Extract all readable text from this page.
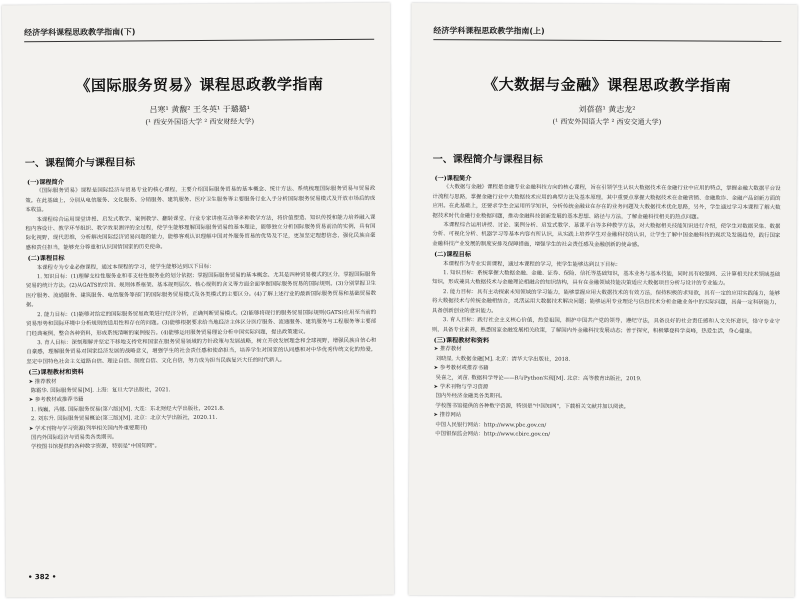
经济学科课程思政教学指南(下)
《国际服务贸易》课程思政教学指南
吕寒¹ 黄馥² 王冬英¹ 于璐璐¹
(¹ 西安外国语大学 ² 西安财经大学)
一、课程简介与课程目标
(一)课程简介

《国际服务贸易》课程是国际经济与贸易专业的核心课程，主要介绍国际服务贸易的基本概念、统计方法、系统梳理国际服务贸易与贸易政策。在此基础上，分别从电信服务、文化服务、分销服务、建筑服务、医疗卫生服务等主要服务行业入手分析国际服务贸易模式及开放市场后的成本收益。

本课程综合运用课堂讲授、启发式教学、案例教学、翻转课堂、行业专家讲座互动等多种教学方法，将价值塑造、知识传授和能力培养融入课程内容设计、教学环节组织、教学效果测评的全过程，使学生能够理解国际服务贸易的基本理论，能够独立分析国际服务贸易前沿的实例，具有国际化视野，现代思维，分析解决国际经济贸易问题的能力，能够客观认识理解中国对外服务贸易的优势及不足，更加坚定理想信念，强化民族自豪感和责任担当，能够充分尊重和认识国情国家的历史使命。

(二)课程目标

本课程专为专业必修课程，通过本课程的学习，使学生能够达到以下目标：

1. 知识目标：(1)理解支柱性服务业和非支柱性服务业的划分依据；掌握国际服务贸易的基本概念、尤其是四种贸易模式的区分，掌握国际服务贸易的统计方法。(2)从GATS的宗旨、规则体系框架、基本规则层次、核心规则的含义等方面全面掌握国际服务贸易的国际规则。(3)分别掌握卫生医疗服务、流通服务、建筑服务、电信服务等部门的国际服务贸易模式及各类模式的主要区分。(4)了解上述行业的最新国际服务贸易和基础贸易数据。

2. 能力目标：(1)能够对给定的国际服务贸易政策进行经济分析，正确判断贸易模式。(2)能够将现行的服务贸易国际规则(GATS)应用至当前的贸易形势和国际环境中分析规则的适用性和存在的问题。(3)能够根据要求给当地经济主体区分医疗服务、流通服务、建筑服务与工程服务等主要部门经典案例，整合各种资料，形成系统清晰的案例报告。(4)能够运用服务贸易理论分析中国实际问题，提出政策建议。

3. 育人目标：深刻理解并坚定不移地支持党和国家在服务贸易领域的方针政策与发展战略，树立开放发展理念和全球视野，增强民族自信心和自豪感，理解服务贸易对国家经济发展的战略意义，增强学生的社会责任感和使命担当，培养学生对国家的认同感和对中华优秀传统文化的热爱，坚定中国特色社会主义道路自信、理论自信、制度自信、文化自信，努力成为担当民族复兴大任的时代新人。

(三)课程教材和资料
➤ 推荐教材
陈霜华. 国际服务贸易[M]. 上海：复旦大学出版社，2021.
➤ 参考教材或推荐书籍
1. 钱巍，冯娜. 国际服务贸易(第六版)[M]. 大连：东北财经大学出版社，2021.8.
2. 刘东升. 国际服务贸易概论(第三版)[M]. 北京：北京大学出版社，2020.11.
➤ 学术刊物与学习资源(列举相关国内外重要期刊)
国内外国际经济与贸易类各类期刊。
学校图书馆提供的各种数字资源，特别是"中国知网"。
• 382 •
经济学科课程思政教学指南(上)
《大数据与金融》课程思政教学指南
刘蓓蓓¹ 黄志龙²
(¹ 西安外国语大学 ² 西安交通大学)
一、课程简介与课程目标
(一)课程简介

《大数据与金融》课程是金融专业金融科技方向的核心课程，旨在引领学生认识大数据技术在金融行业中应用的特点，掌握金融大数据平台设计流程与思路，掌握金融行业中大数据技术应用的典型方法及基本原理，其中重要点掌握大数据技术在金融营销、金融欺诈、金融产品创新方面的应用。在此基础上，还要求学生会运用所学知识，分析传统金融业在存在的业务问题及大数据技术优化思路，另外，学生通过学习本课程了解大数据技术时代金融行业数据问题，推动金融科技创新发展的基本思想、路径与方法，了解金融科技相关的热点问题。

本课程综合运用讲授、讨论、案例分析、启发式教学、慕课平台等多种教学方法，对大数据相关技能知识进行介绍，使学生对数据采集、数据分析、可视化分析、机器学习等基本内容有所认识，从实践上培养学生对金融科技的认识，让学生了解中国金融科技的现状及发展趋势，践行国家金融科技产业发展的制度安排及保障措施，增强学生的社会责任感及金融创新的使命感。

(二)课程目标

本课程作为专业实训课程，通过本课程的学习，使学生能够达到以下目标：

1. 知识目标：系统掌握大数据金融、金融、证券、保险、信托等基础知识，基本业务与基本技能，同时具有较强网、云计算相关技术领域基础知识，形成兼具大数据技术与金融理论相融合的知识结构，具有在金融领域技能决策适应大数据项目分析与设计的专业能力。

2. 能力目标：具有主动探索未知领域的学习能力，能够掌握应用大数据技术的有效方法，保持积极的求知欲，具有一定的应用实践能力，能够将大数据技术与传统金融相结合，灵活运用大数据技术解决问题；能够运用专业理论与信息技术分析金融业务中的实际问题，具备一定科研能力，具备创新创业的意识能力。

3. 育人目标：践行社会主义核心价值，热爱祖国，拥护中国共产党的领导，遵纪守法，具备良好的社会责任感和人文关怀意识，恪守专业守则，具备专业素养，熟悉国家金融发展相关政策，了解国内外金融科技发展动态；善于探究，积极攀登科学高峰，热爱生活，身心健康。

(三)课程教材和资料
➤ 推荐教材
刘晓星. 大数据金融[M]. 北京：清华大学出版社，2018.
➤ 参考教材或推荐书籍
吴喜之，刘苗. 数据科学导论——R与Python实现[M]. 北京：高等教育出版社，2019.
➤ 学术刊物与学习资源
国内外经济金融类各类期刊。
学校图书馆提供的各种数字资源，特别是"中国知网"，下载相关文献并加以阅读。
➤ 推荐网站
中国人民银行网站：http://www.pbc.gov.cn/
中国银保监会网站：http://www.cbirc.gov.cn/
